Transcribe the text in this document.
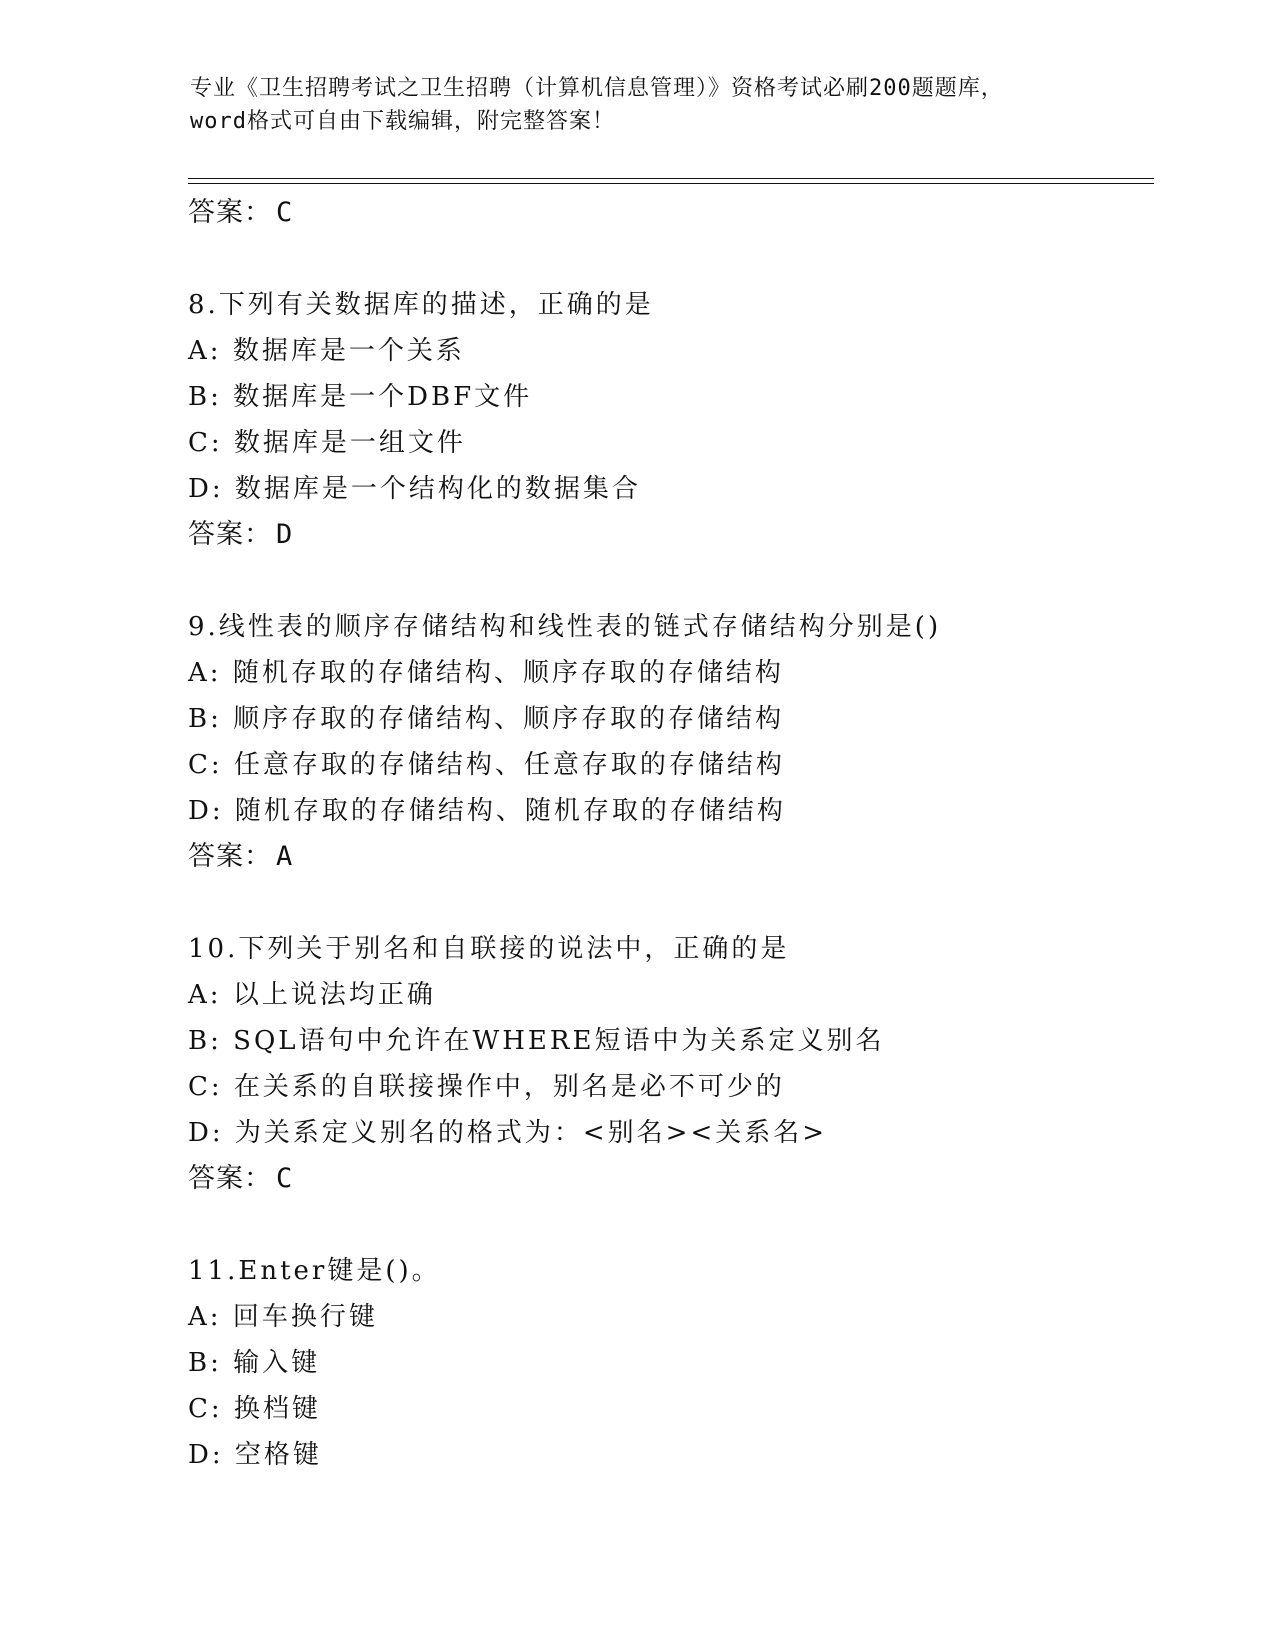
专业《卫生招聘考试之卫生招聘（计算机信息管理）》资格考试必刷200题题库，
word格式可自由下载编辑，附完整答案！
答案： C
8.下列有关数据库的描述，正确的是
A: 数据库是一个关系
B: 数据库是一个DBF文件
C: 数据库是一组文件
D: 数据库是一个结构化的数据集合
答案： D
9.线性表的顺序存储结构和线性表的链式存储结构分别是()
A: 随机存取的存储结构、顺序存取的存储结构
B: 顺序存取的存储结构、顺序存取的存储结构
C: 任意存取的存储结构、任意存取的存储结构
D: 随机存取的存储结构、随机存取的存储结构
答案： A
10.下列关于别名和自联接的说法中，正确的是
A: 以上说法均正确
B: SQL语句中允许在WHERE短语中为关系定义别名
C: 在关系的自联接操作中，别名是必不可少的
D: 为关系定义别名的格式为：<别名><关系名>
答案： C
11.Enter键是()。
A: 回车换行键
B: 输入键
C: 换档键
D: 空格键
